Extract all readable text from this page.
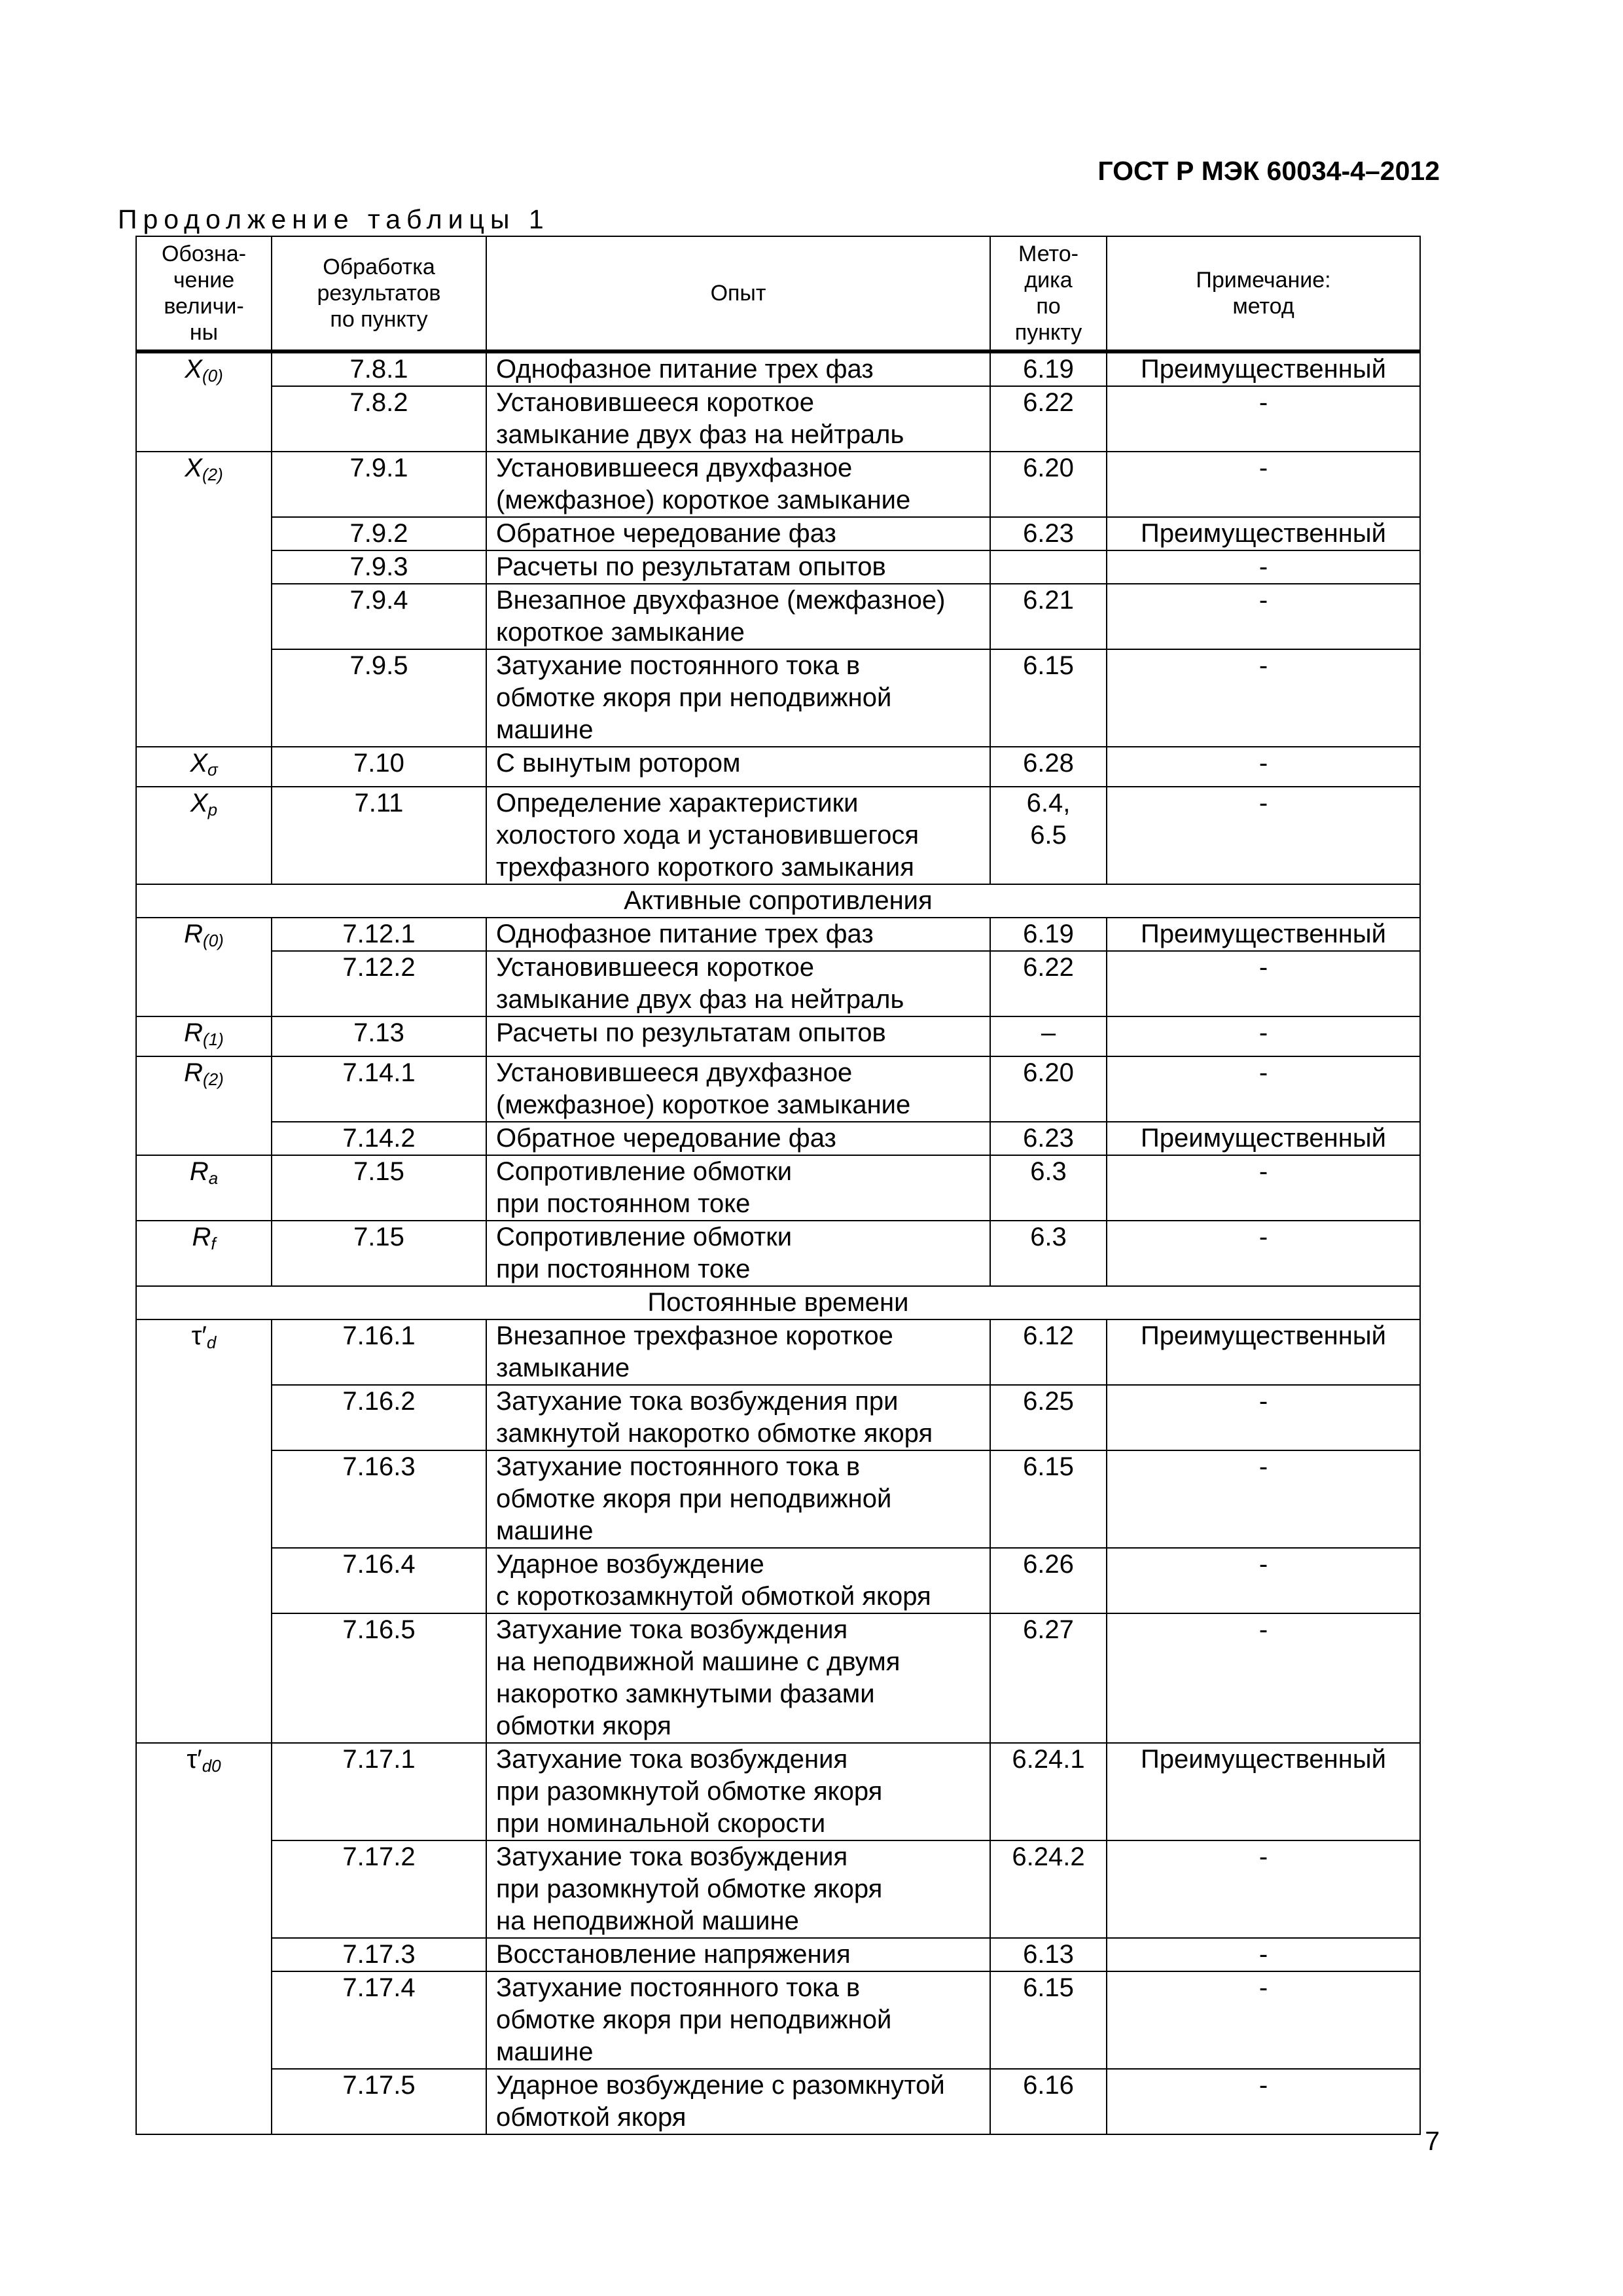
ГОСТ Р МЭК 60034-4–2012
Продолжение таблицы 1
Обозна-
чение
величи-
ны	Обработка
результатов
по пункту	Опыт	Мето-
дика
по
пункту	Примечание:
метод
$X_{(0)}$	7.8.1	Однофазное питание трех фаз	6.19	Преимущественный
	7.8.2	Установившееся короткое
замыкание двух фаз на нейтраль	6.22	-
$X_{(2)}$	7.9.1	Установившееся двухфазное
(межфазное) короткое замыкание	6.20	-
	7.9.2	Обратное чередование фаз	6.23	Преимущественный
	7.9.3	Расчеты по результатам опытов		-
	7.9.4	Внезапное двухфазное (межфазное)
короткое замыкание	6.21	-
	7.9.5	Затухание постоянного тока в
обмотке якоря при неподвижной
машине	6.15	-
$X_\sigma$	7.10	С вынутым ротором	6.28	-
$X_p$	7.11	Определение характеристики
холостого хода и установившегося
трехфазного короткого замыкания	6.4,
6.5	-
Активные сопротивления				
$R_{(0)}$	7.12.1	Однофазное питание трех фаз	6.19	Преимущественный
	7.12.2	Установившееся короткое
замыкание двух фаз на нейтраль	6.22	-
$R_{(1)}$	7.13	Расчеты по результатам опытов	–	-
$R_{(2)}$	7.14.1	Установившееся двухфазное
(межфазное) короткое замыкание	6.20	-
	7.14.2	Обратное чередование фаз	6.23	Преимущественный
$R_a$	7.15	Сопротивление обмотки
при постоянном токе	6.3	-
$R_f$	7.15	Сопротивление обмотки
при постоянном токе	6.3	-
Постоянные времени				
$\tau'_d$	7.16.1	Внезапное трехфазное короткое
замыкание	6.12	Преимущественный
	7.16.2	Затухание тока возбуждения при
замкнутой накоротко обмотке якоря	6.25	-
	7.16.3	Затухание постоянного тока в
обмотке якоря при неподвижной
машине	6.15	-
	7.16.4	Ударное возбуждение
с короткозамкнутой обмоткой якоря	6.26	-
	7.16.5	Затухание тока возбуждения
на неподвижной машине с двумя
накоротко замкнутыми фазами
обмотки якоря	6.27	-
$\tau'_{d0}$	7.17.1	Затухание тока возбуждения
при разомкнутой обмотке якоря
при номинальной скорости	6.24.1	Преимущественный
	7.17.2	Затухание тока возбуждения
при разомкнутой обмотке якоря
на неподвижной машине	6.24.2	-
	7.17.3	Восстановление напряжения	6.13	-
	7.17.4	Затухание постоянного тока в
обмотке якоря при неподвижной
машине	6.15	-
	7.17.5	Ударное возбуждение с разомкнутой
обмоткой якоря	6.16	-
7
